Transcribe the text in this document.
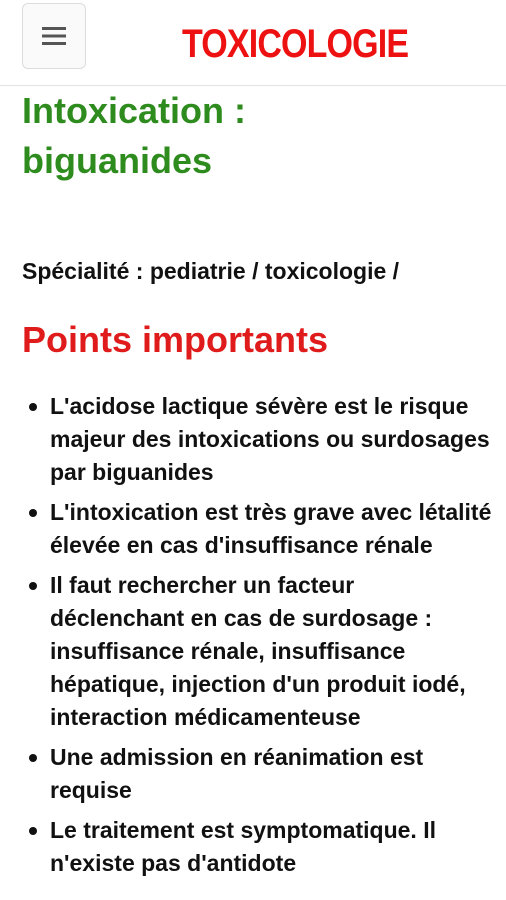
TOXICOLOGIE
Intoxication :
biguanides
Spécialité : pediatrie / toxicologie /
Points importants
L'acidose lactique sévère est le risque majeur des intoxications ou surdosages par biguanides
L'intoxication est très grave avec létalité élevée en cas d'insuffisance rénale
Il faut rechercher un facteur déclenchant en cas de surdosage : insuffisance rénale, insuffisance hépatique, injection d'un produit iodé, interaction médicamenteuse
Une admission en réanimation est requise
Le traitement est symptomatique. Il n'existe pas d'antidote
